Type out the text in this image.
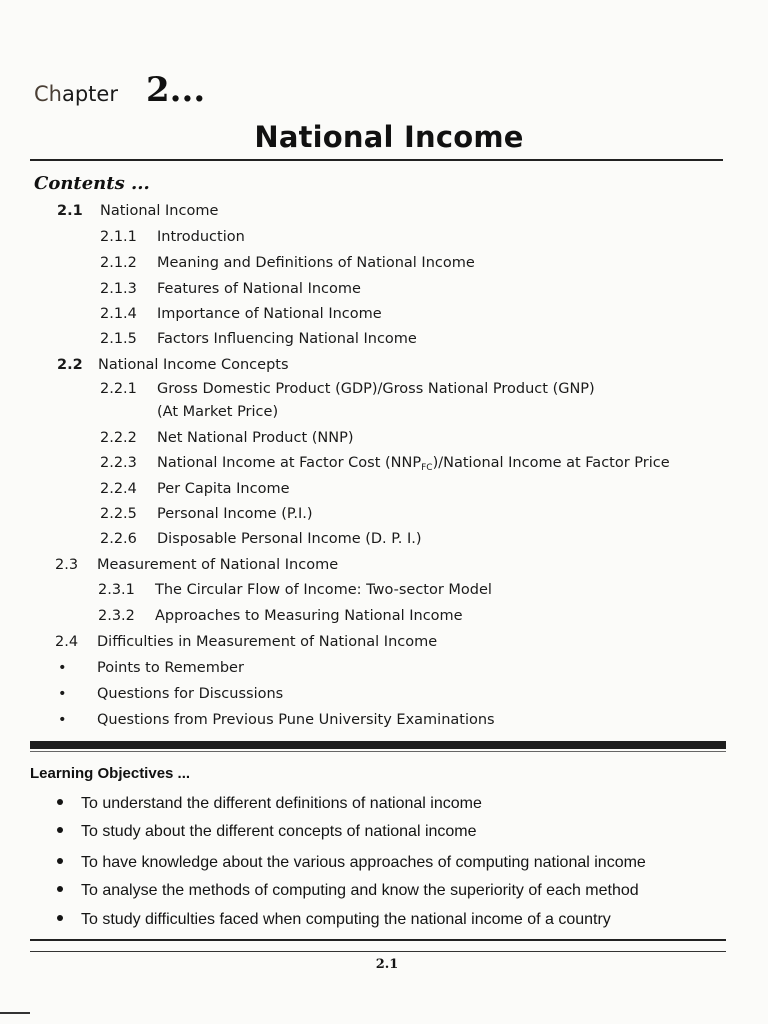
Chapter 2...
National Income
Contents ...
2.1 National Income
2.1.1 Introduction
2.1.2 Meaning and Definitions of National Income
2.1.3 Features of National Income
2.1.4 Importance of National Income
2.1.5 Factors Influencing National Income
2.2 National Income Concepts
2.2.1 Gross Domestic Product (GDP)/Gross National Product (GNP)
(At Market Price)
2.2.2 Net National Product (NNP)
2.2.3 National Income at Factor Cost $(NNP_{FC})$/National Income at Factor Price
2.2.4 Per Capita Income
2.2.5 Personal Income (P.I.)
2.2.6 Disposable Personal Income (D. P. I.)
2.3 Measurement of National Income
2.3.1 The Circular Flow of Income: Two-sector Model
2.3.2 Approaches to Measuring National Income
2.4 Difficulties in Measurement of National Income
• Points to Remember
• Questions for Discussions
• Questions from Previous Pune University Examinations
Learning Objectives ...
To understand the different definitions of national income
To study about the different concepts of national income
To have knowledge about the various approaches of computing national income
To analyse the methods of computing and know the superiority of each method
To study difficulties faced when computing the national income of a country
2.1
